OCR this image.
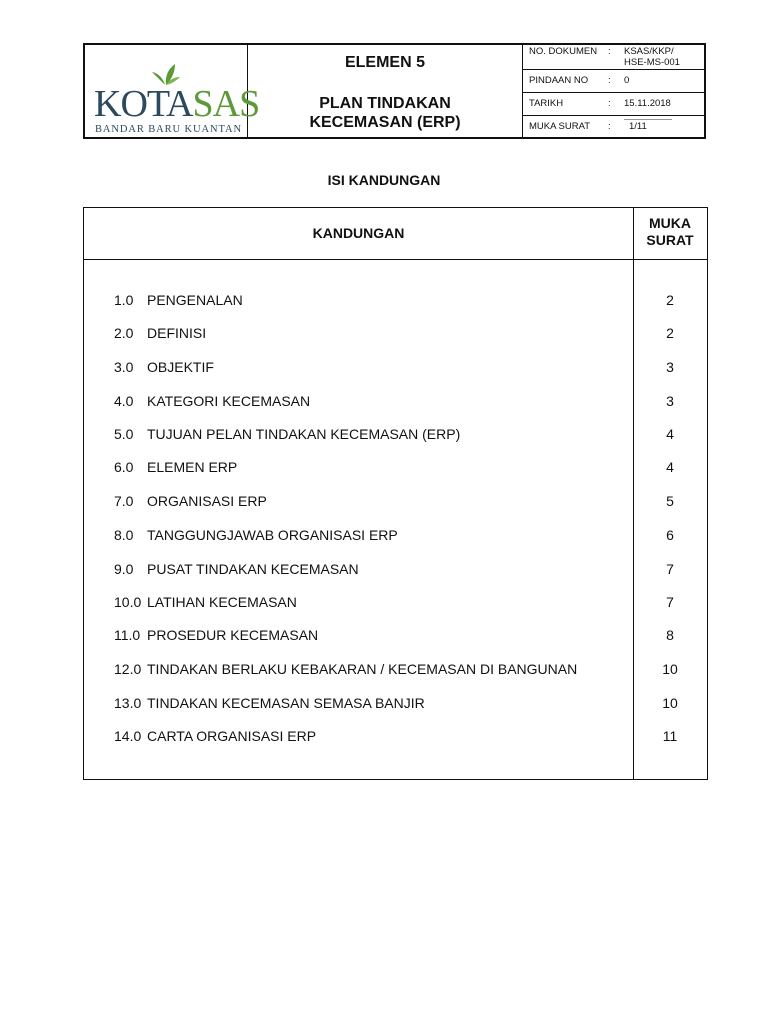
KOTASAS
BANDAR BARU KUANTAN
ELEMEN 5
PLAN TINDAKAN
KECEMASAN (ERP)
NO. DOKUMEN : KSAS/KKP/
HSE-MS-001
PINDAAN NO : 0
TARIKH	: 15.11.2018
MUKA SURAT : 1/11
ISI KANDUNGAN
KANDUNGAN
MUKA
SURAT
1.0 PENGENALAN	2
2.0 DEFINISI	2
3.0 OBJEKTIF	3
4.0 KATEGORI KECEMASAN	3
5.0 TUJUAN PELAN TINDAKAN KECEMASAN (ERP)	4
6.0 ELEMEN ERP	4
7.0 ORGANISASI ERP	5
8.0 TANGGUNGJAWAB ORGANISASI ERP	6
9.0 PUSAT TINDAKAN KECEMASAN	7
10.0 LATIHAN KECEMASAN	7
11.0 PROSEDUR KECEMASAN	8
12.0 TINDAKAN BERLAKU KEBAKARAN / KECEMASAN DI BANGUNAN	10
13.0 TINDAKAN KECEMASAN SEMASA BANJIR	10
14.0 CARTA ORGANISASI ERP	11
